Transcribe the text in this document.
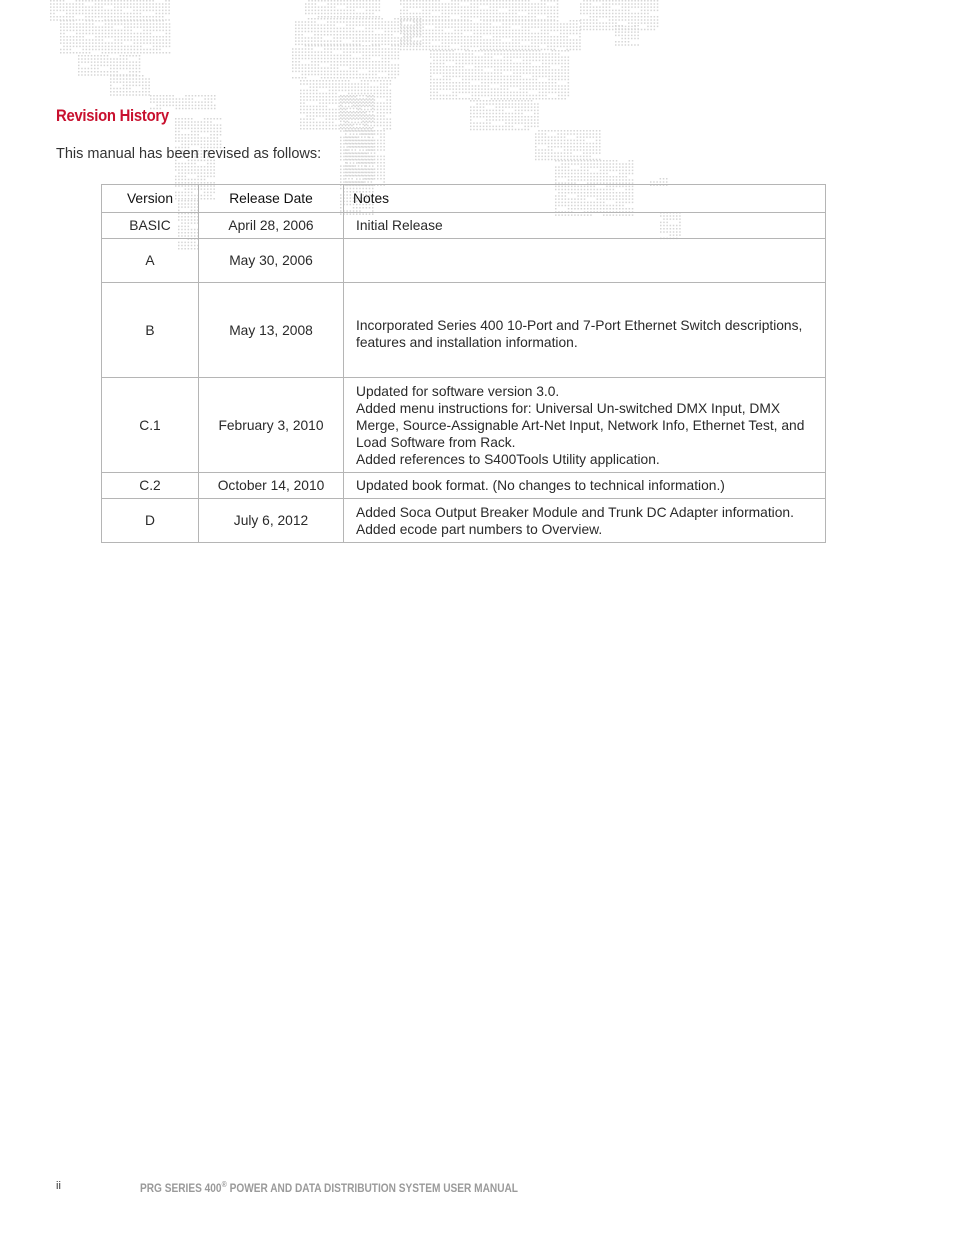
Revision History
This manual has been revised as follows:
Version	Release Date	Notes
BASIC	April 28, 2006	Initial Release

A	May 30, 2006	
B	May 13, 2008	Incorporated Series 400 10-Port and 7-Port Ethernet Switch descriptions, features and installation information.

C.1	February 3, 2010	Updated for software version 3.0.
Added menu instructions for: Universal Un-switched DMX Input, DMX Merge, Source-Assignable Art-Net Input, Network Info, Ethernet Test, and Load Software from Rack.
Added references to S400Tools Utility application.

C.2	October 14, 2010	Updated book format. (No changes to technical information.)

D	July 6, 2012	Added Soca Output Breaker Module and Trunk DC Adapter information.
Added ecode part numbers to Overview.
ii	PRG SERIES 400® POWER AND DATA DISTRIBUTION SYSTEM USER MANUAL
